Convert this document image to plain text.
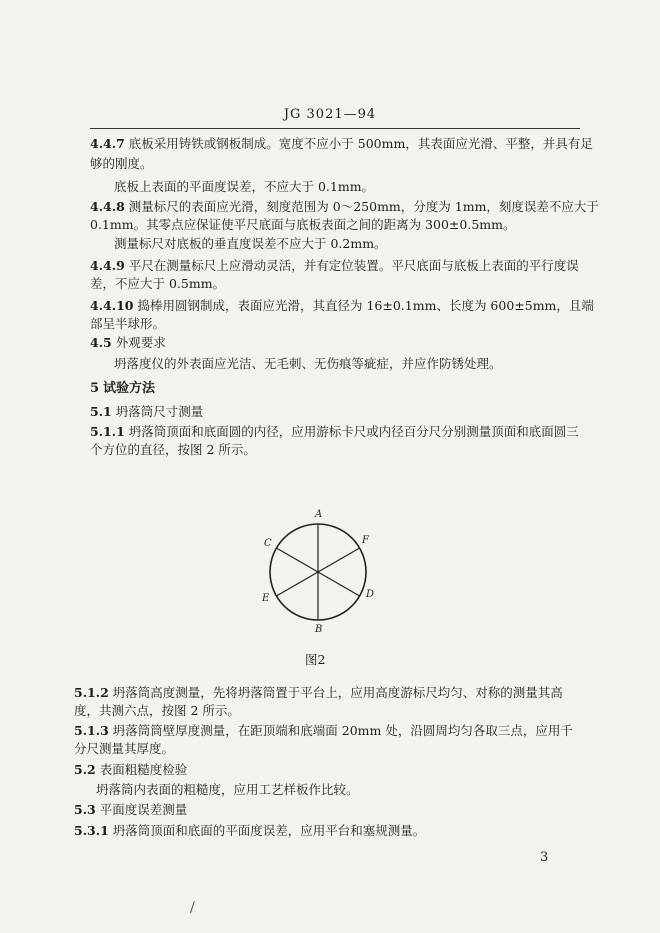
JG 3021—94
4.4.7 底板采用铸铁或钢板制成。宽度不应小于 500mm，其表面应光滑、平整，并具有足
够的刚度。
底板上表面的平面度误差，不应大于 0.1mm。
4.4.8 测量标尺的表面应光滑，刻度范围为 0～250mm，分度为 1mm，刻度误差不应大于
0.1mm。其零点应保证使平尺底面与底板表面之间的距离为 300±0.5mm。
测量标尺对底板的垂直度误差不应大于 0.2mm。
4.4.9 平尺在测量标尺上应滑动灵活，并有定位装置。平尺底面与底板上表面的平行度误
差，不应大于 0.5mm。
4.4.10 捣棒用圆钢制成，表面应光滑，其直径为 16±0.1mm、长度为 600±5mm，且端
部呈半球形。
4.5 外观要求
坍落度仪的外表面应光洁、无毛刺、无伤痕等疵症，并应作防锈处理。
5 试验方法
5.1 坍落筒尺寸测量
5.1.1 坍落筒顶面和底面圆的内径，应用游标卡尺或内径百分尺分别测量顶面和底面圆三
个方位的直径，按图 2 所示。
A
B
C
D
E
F
图2
5.1.2 坍落筒高度测量，先将坍落筒置于平台上，应用高度游标尺均匀、对称的测量其高
度，共测六点，按图 2 所示。
5.1.3 坍落筒筒壁厚度测量，在距顶端和底端面 20mm 处，沿圆周均匀各取三点，应用千
分尺测量其厚度。
5.2 表面粗糙度检验
坍落筒内表面的粗糙度，应用工艺样板作比较。
5.3 平面度误差测量
5.3.1 坍落筒顶面和底面的平面度误差，应用平台和塞规测量。
3
/
